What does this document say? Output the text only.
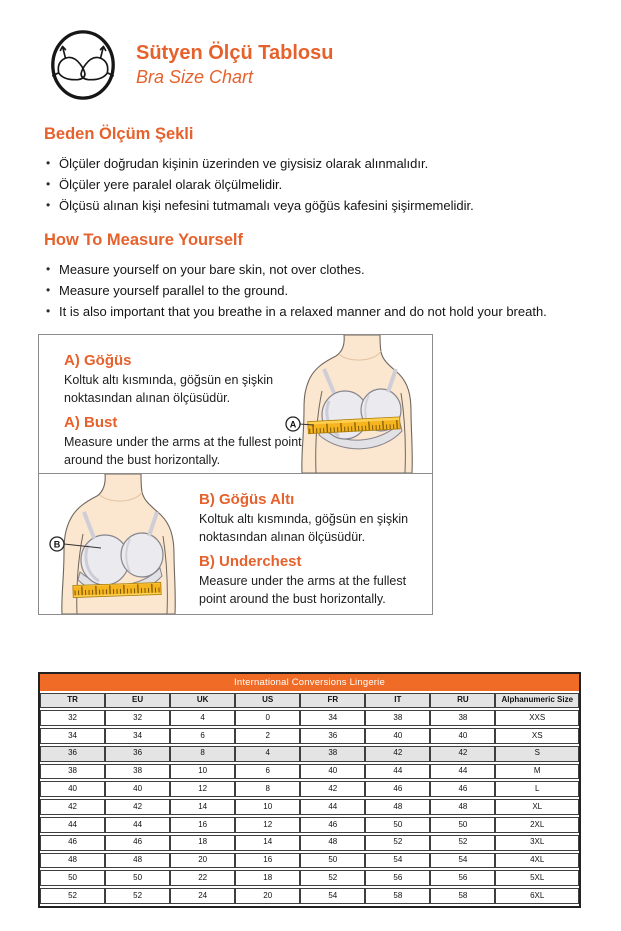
Sütyen Ölçü Tablosu
Bra Size Chart
Beden Ölçüm Şekli
• Ölçüler doğrudan kişinin üzerinden ve giysisiz olarak alınmalıdır.
• Ölçüler yere paralel olarak ölçülmelidir.
• Ölçüsü alınan kişi nefesini tutmamalı veya göğüs kafesini şişirmemelidir.
How To Measure Yourself
• Measure yourself on your bare skin, not over clothes.
• Measure yourself parallel to the ground.
• It is also important that you breathe in a relaxed manner and do not hold your breath.
A) Göğüs

Koltuk altı kısmında, göğsün en şişkin noktasından alınan ölçüsüdür.

A) Bust

Measure under the arms at the fullest point around the bust horizontally.

A
B
B) Göğüs Altı

Koltuk altı kısmında, göğsün en şişkin noktasından alınan ölçüsüdür.

B) Underchest

Measure under the arms at the fullest point around the bust horizontally.

International Conversions Lingerie
TR	EU	UK	US	FR	IT	RU	Alphanumeric Size
32	32	4	0	34	38	38	XXS
34	34	6	2	36	40	40	XS
36	36	8	4	38	42	42	S
38	38	10	6	40	44	44	M
40	40	12	8	42	46	46	L
42	42	14	10	44	48	48	XL
44	44	16	12	46	50	50	2XL
46	46	18	14	48	52	52	3XL
48	48	20	16	50	54	54	4XL
50	50	22	18	52	56	56	5XL
52	52	24	20	54	58	58	6XL
